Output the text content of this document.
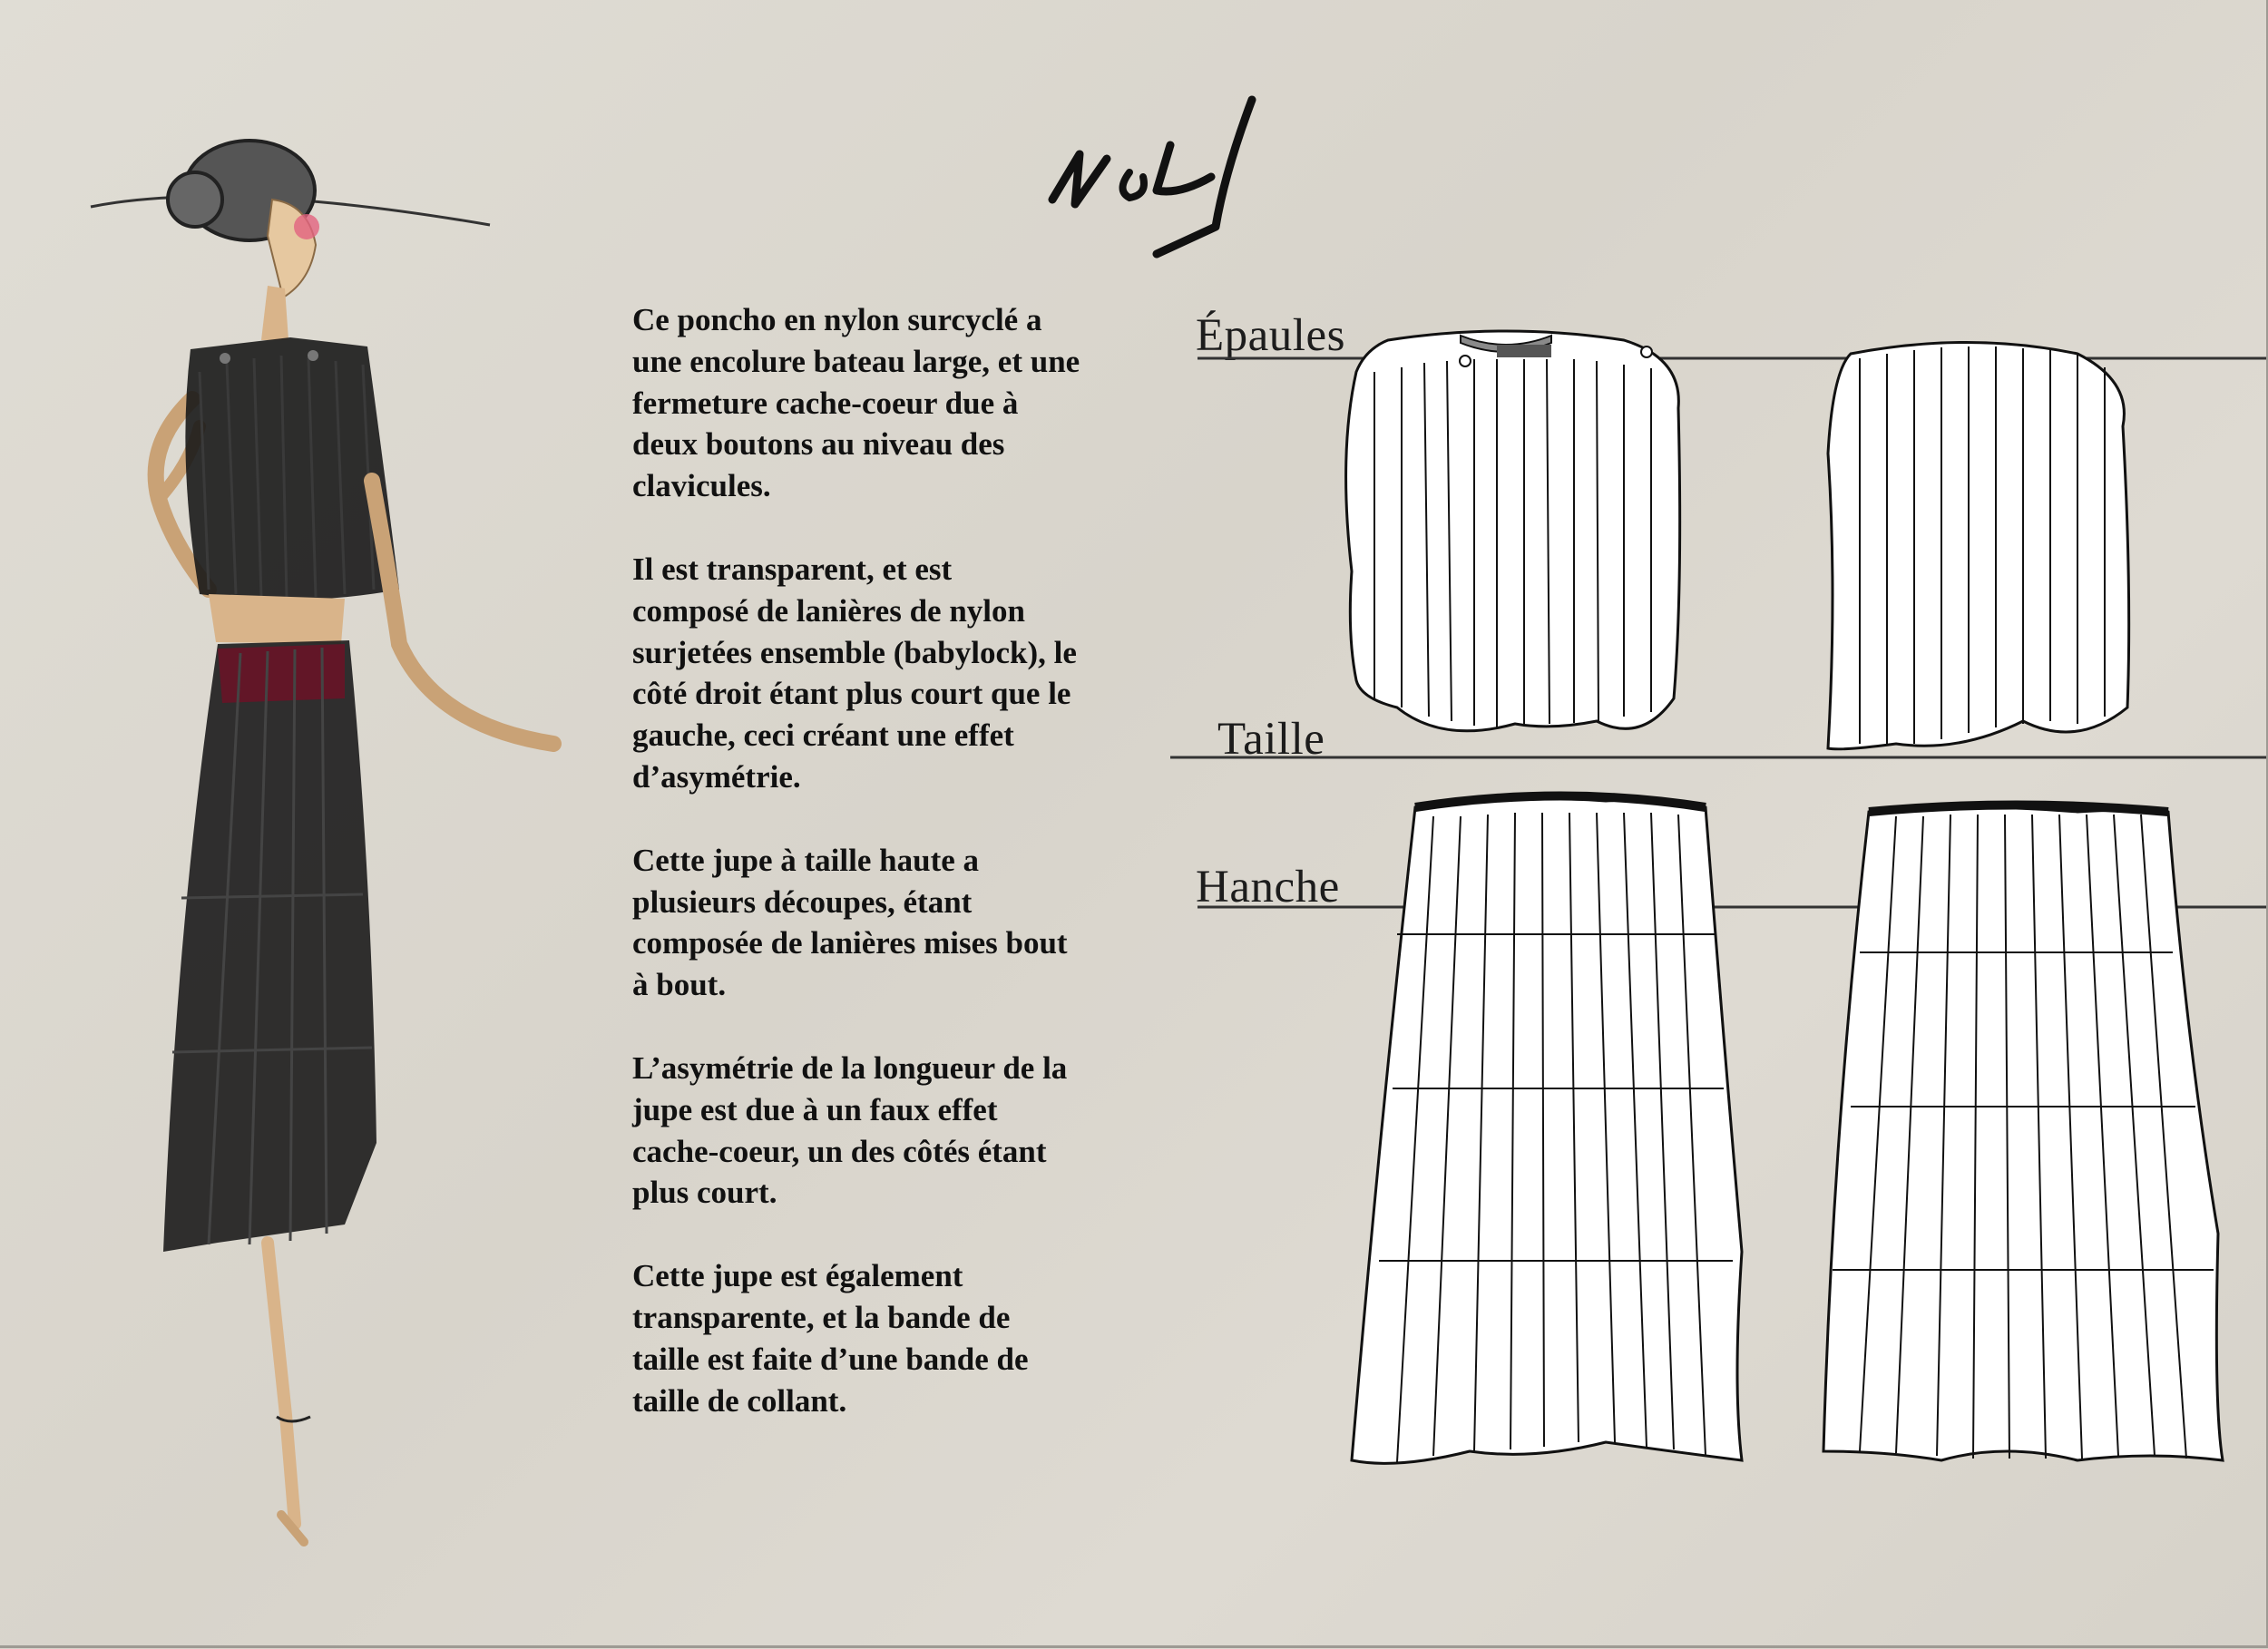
Ce poncho en nylon surcyclé a
une encolure bateau large, et une
fermeture cache-coeur due à
deux boutons au niveau des
clavicules.

Il est transparent, et est
composé de lanières de nylon
surjetées ensemble (babylock), le
côté droit étant plus court que le
gauche, ceci créant une effet
d’asymétrie.

Cette jupe à taille haute a
plusieurs découpes, étant
composée de lanières mises bout
à bout.

L’asymétrie de la longueur de la
jupe est due à un faux effet
cache-coeur, un des côtés étant
plus court.

Cette jupe est également
transparente, et la bande de
taille est faite d’une bande de
taille de collant.

Épaules
Taille
Hanche
